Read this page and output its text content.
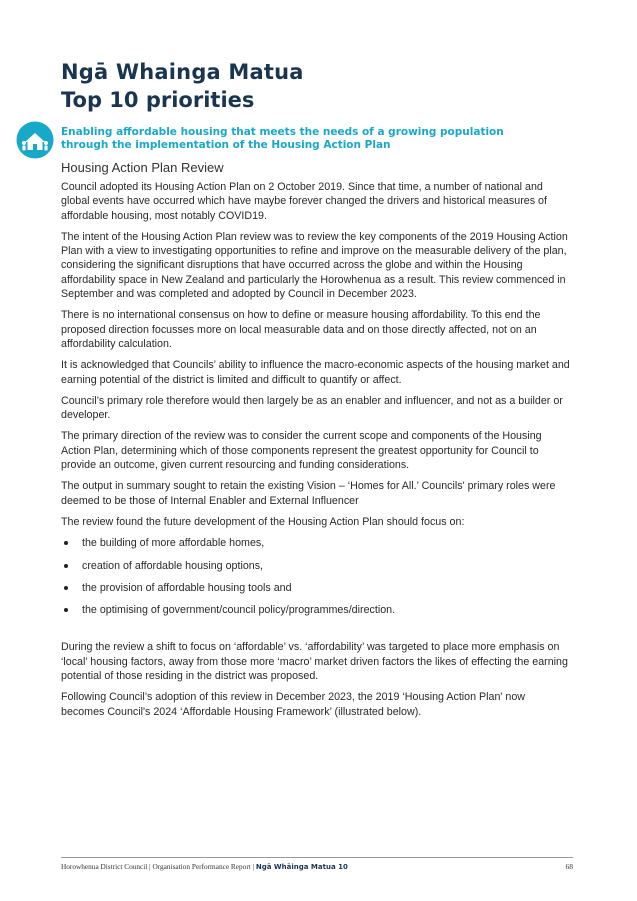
Ngā Whainga Matua
Top 10 priorities
Enabling affordable housing that meets the needs of a growing population
through the implementation of the Housing Action Plan
Housing Action Plan Review

Council adopted its Housing Action Plan on 2 October 2019. Since that time, a number of national and global events have occurred which have maybe forever changed the drivers and historical measures of affordable housing, most notably COVID19.

The intent of the Housing Action Plan review was to review the key components of the 2019 Housing Action Plan with a view to investigating opportunities to refine and improve on the measurable delivery of the plan, considering the significant disruptions that have occurred across the globe and within the Housing affordability space in New Zealand and particularly the Horowhenua as a result. This review commenced in September and was completed and adopted by Council in December 2023.

There is no international consensus on how to define or measure housing affordability. To this end the proposed direction focusses more on local measurable data and on those directly affected, not on an affordability calculation.

It is acknowledged that Councils’ ability to influence the macro-economic aspects of the housing market and earning potential of the district is limited and difficult to quantify or affect.

Council’s primary role therefore would then largely be as an enabler and influencer, and not as a builder or developer.

The primary direction of the review was to consider the current scope and components of the Housing Action Plan, determining which of those components represent the greatest opportunity for Council to provide an outcome, given current resourcing and funding considerations.

The output in summary sought to retain the existing Vision – ‘Homes for All.’ Councils' primary roles were deemed to be those of Internal Enabler and External Influencer

The review found the future development of the Housing Action Plan should focus on:

the building of more affordable homes,
creation of affordable housing options,
the provision of affordable housing tools and
the optimising of government/council policy/programmes/direction.

During the review a shift to focus on ‘affordable’ vs. ‘affordability’ was targeted to place more emphasis on ‘local’ housing factors, away from those more ‘macro’ market driven factors the likes of effecting the earning potential of those residing in the district was proposed.

Following Council’s adoption of this review in December 2023, the 2019 ‘Housing Action Plan’ now becomes Council's 2024 ‘Affordable Housing Framework’ (illustrated below).

Horowhenua District Council | Organisation Performance Report | Ngā Whāinga Matua 10	68
